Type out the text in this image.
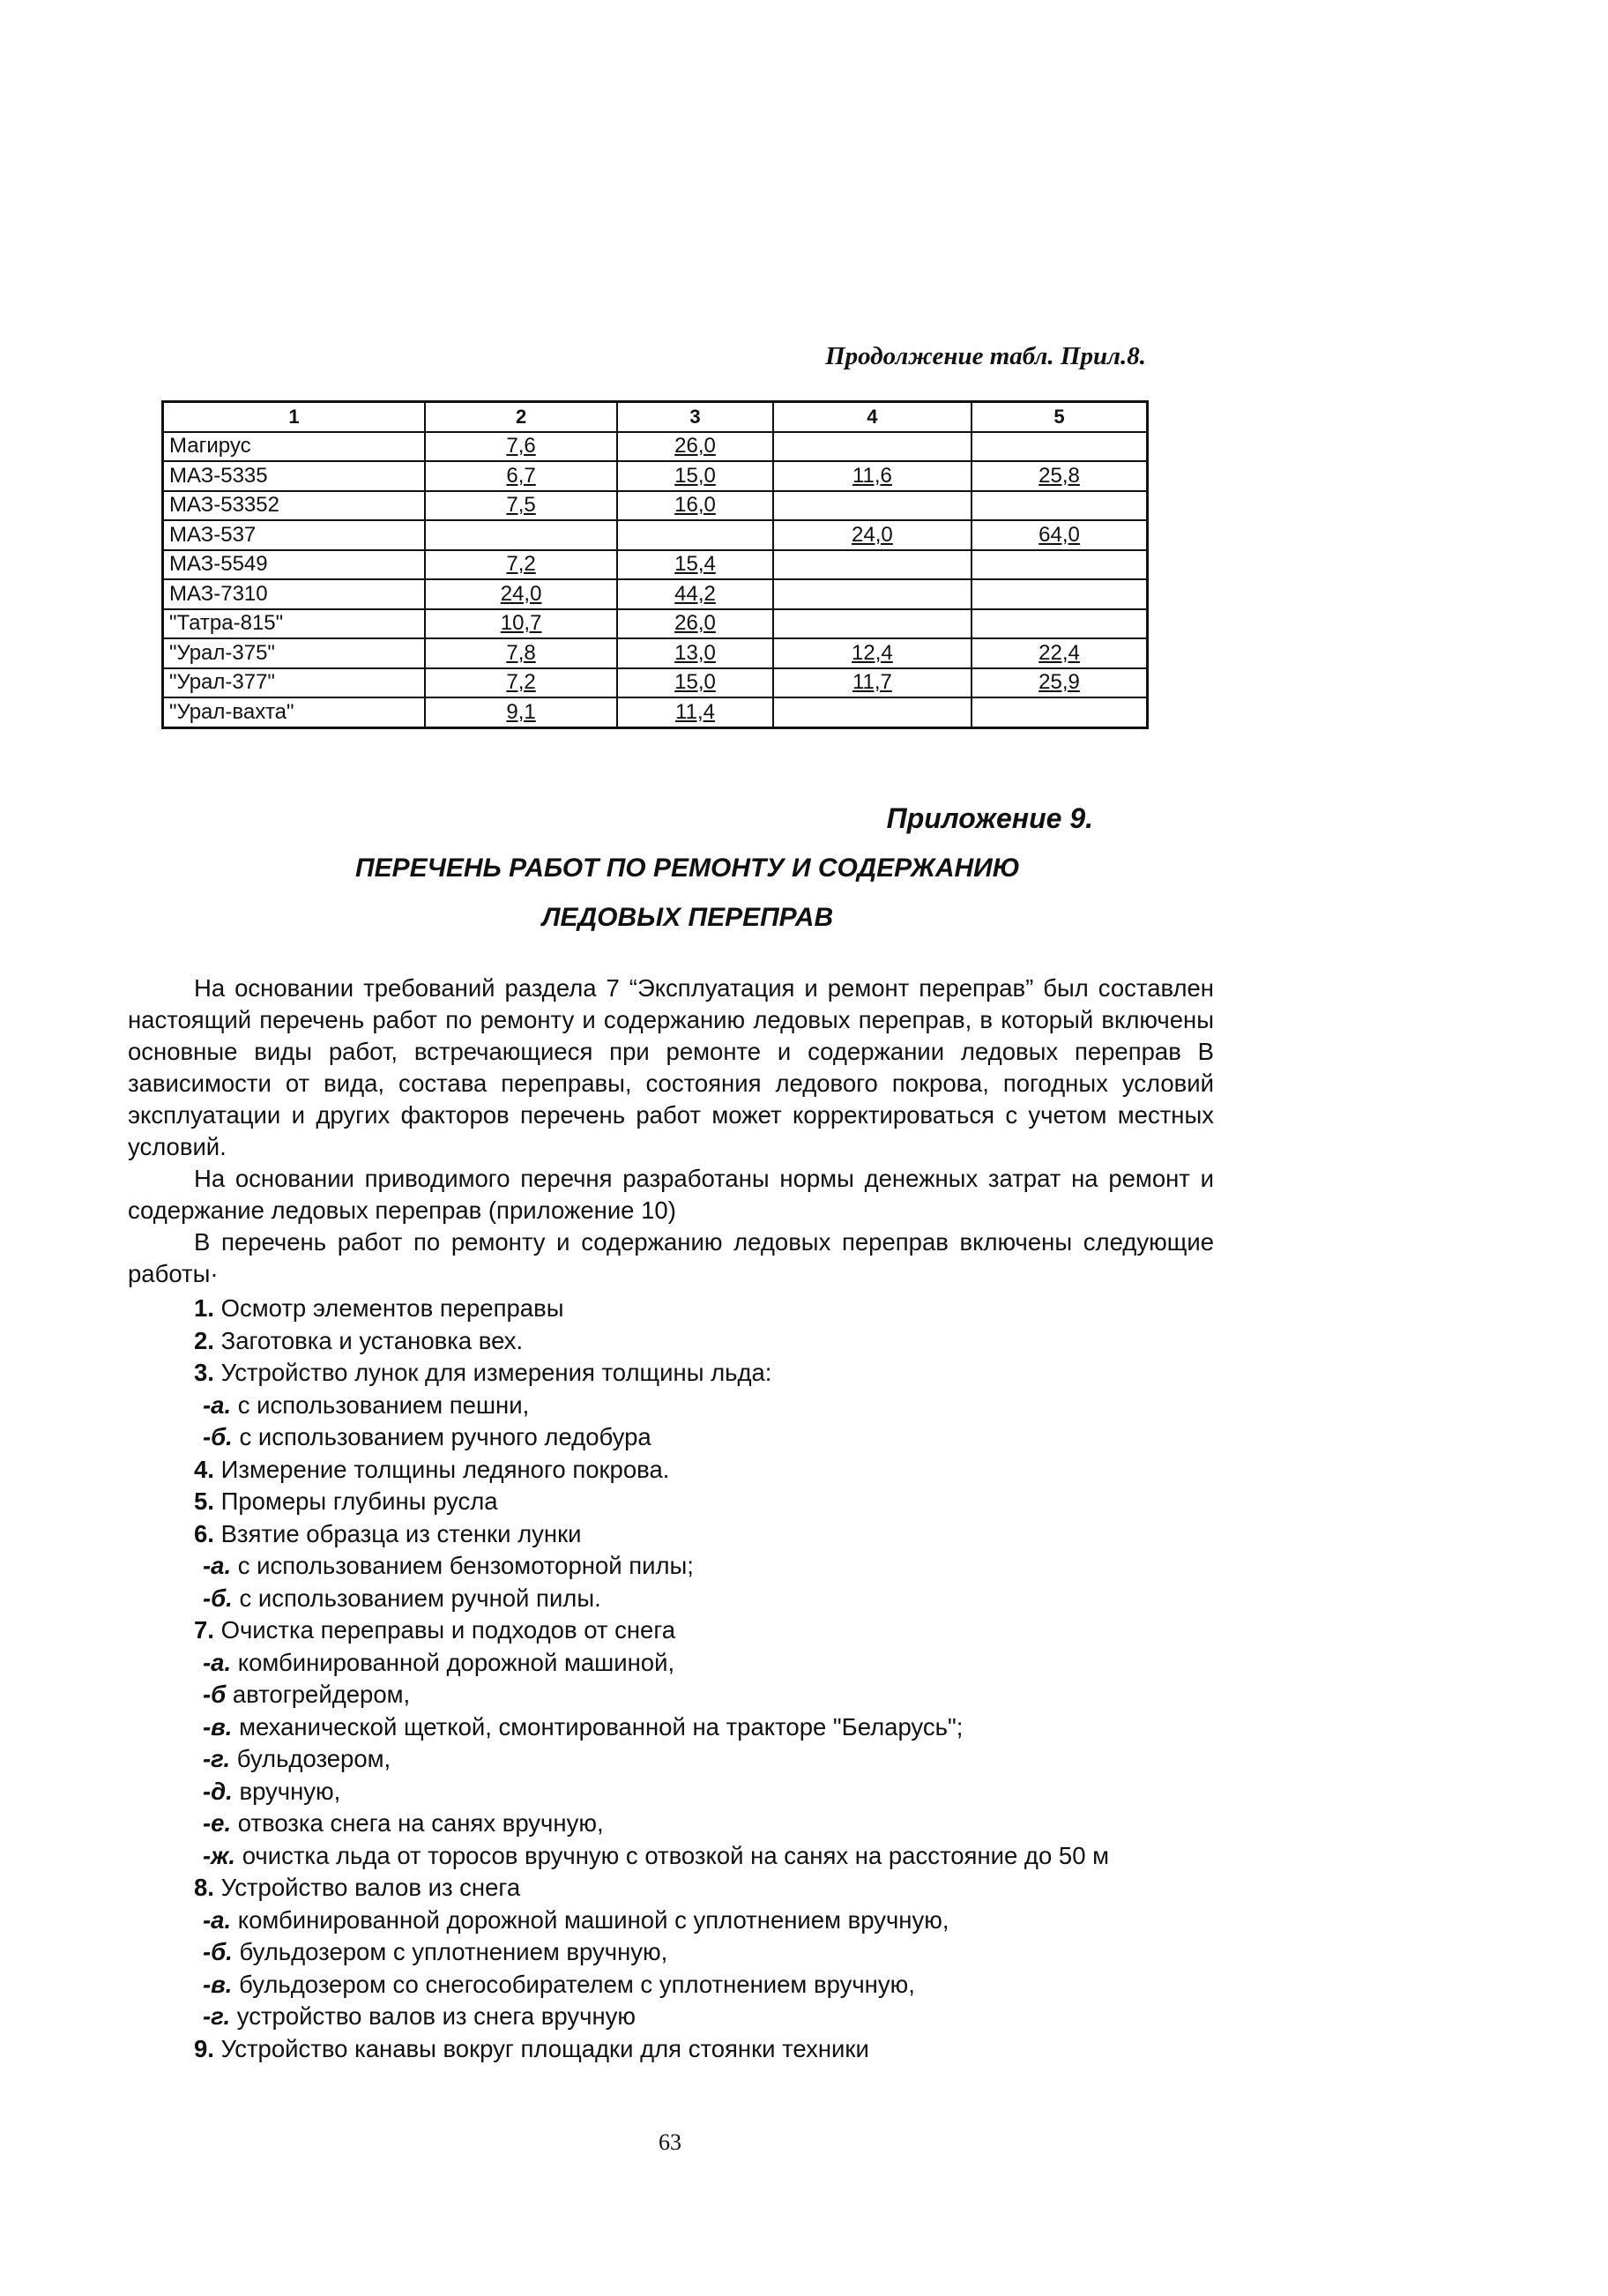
Продолжение табл. Прил.8.
1	2	3	4	5
Магирус	7,6	26,0		
МАЗ-5335	6,7	15,0	11,6	25,8
МАЗ-53352	7,5	16,0		
МАЗ-537			24,0	64,0
МАЗ-5549	7,2	15,4		
МАЗ-7310	24,0	44,2		
"Татра-815"	10,7	26,0		
"Урал-375"	7,8	13,0	12,4	22,4
"Урал-377"	7,2	15,0	11,7	25,9
"Урал-вахта"	9,1	11,4		
Приложение 9.
ПЕРЕЧЕНЬ РАБОТ ПО РЕМОНТУ И СОДЕРЖАНИЮ
ЛЕДОВЫХ ПЕРЕПРАВ

На основании требований раздела 7 “Эксплуатация и ремонт переправ” был составлен настоящий перечень работ по ремонту и содержанию ледовых переправ, в который включены основные виды работ, встречающиеся при ремонте и содержании ледовых переправ В зависимости от вида, состава переправы, состояния ледового покрова, погодных условий эксплуатации и других факторов перечень работ может корректироваться с учетом местных условий.

На основании приводимого перечня разработаны нормы денежных затрат на ремонт и содержание ледовых переправ (приложение 10)

В перечень работ по ремонту и содержанию ледовых переправ включены следующие работы·

1. Осмотр элементов переправы
2. Заготовка и установка вех.
3. Устройство лунок для измерения толщины льда:
-а. с использованием пешни,
-б. с использованием ручного ледобура
4. Измерение толщины ледяного покрова.
5. Промеры глубины русла
6. Взятие образца из стенки лунки
-а. с использованием бензомоторной пилы;
-б. с использованием ручной пилы.
7. Очистка переправы и подходов от снега
-а. комбинированной дорожной машиной,
-б автогрейдером,
-в. механической щеткой, смонтированной на тракторе "Беларусь";
-г. бульдозером,
-д. вручную,
-е. отвозка снега на санях вручную,
-ж. очистка льда от торосов вручную с отвозкой на санях на расстояние до 50 м
8. Устройство валов из снега
-а. комбинированной дорожной машиной с уплотнением вручную,
-б. бульдозером с уплотнением вручную,
-в. бульдозером со снегособирателем с уплотнением вручную,
-г. устройство валов из снега вручную
9. Устройство канавы вокруг площадки для стоянки техники
63
